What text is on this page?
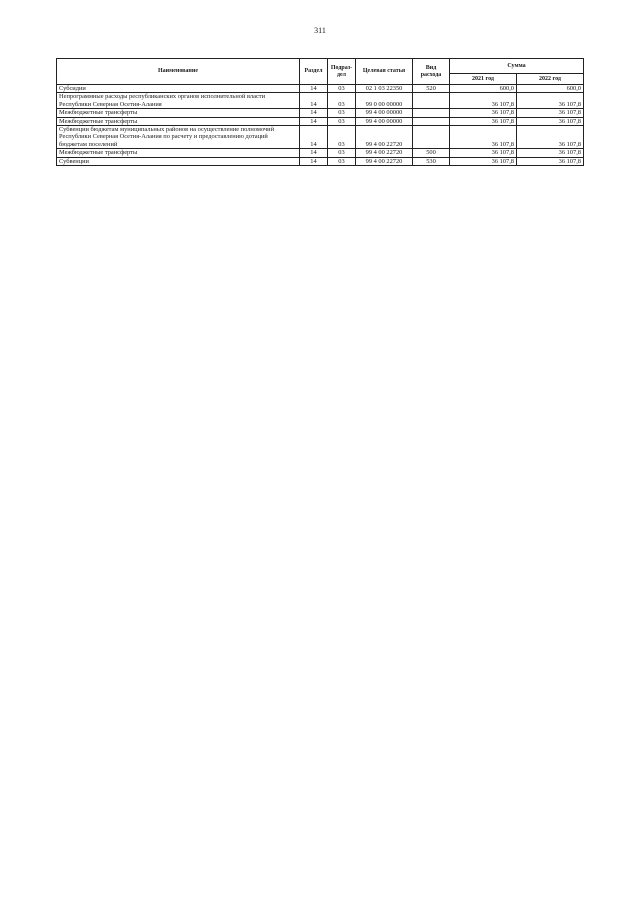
311
Наименование	Раздел	Подраз-дел	Целевая статья	Вид расхода	Сумма	
					2021 год	2022 год
Субсидии	14	03	02 1 03 22350	520	600,0	600,0
Непрограммные расходы республиканских органов исполнительной власти Республики Северная Осетия-Алания	14	03	99 0 00 00000		36 107,8	36 107,8
Межбюджетные трансферты	14	03	99 4 00 00000		36 107,8	36 107,8
Межбюджетные трансферты	14	03	99 4 00 00000		36 107,8	36 107,8
Субвенции бюджетам муниципальных районов на осуществление полномочий Республики Северная Осетия-Алания по расчету и предоставлению дотаций бюджетам поселений	14	03	99 4 00 22720		36 107,8	36 107,8
Межбюджетные трансферты	14	03	99 4 00 22720	500	36 107,8	36 107,8
Субвенции	14	03	99 4 00 22720	530	36 107,8	36 107,8
